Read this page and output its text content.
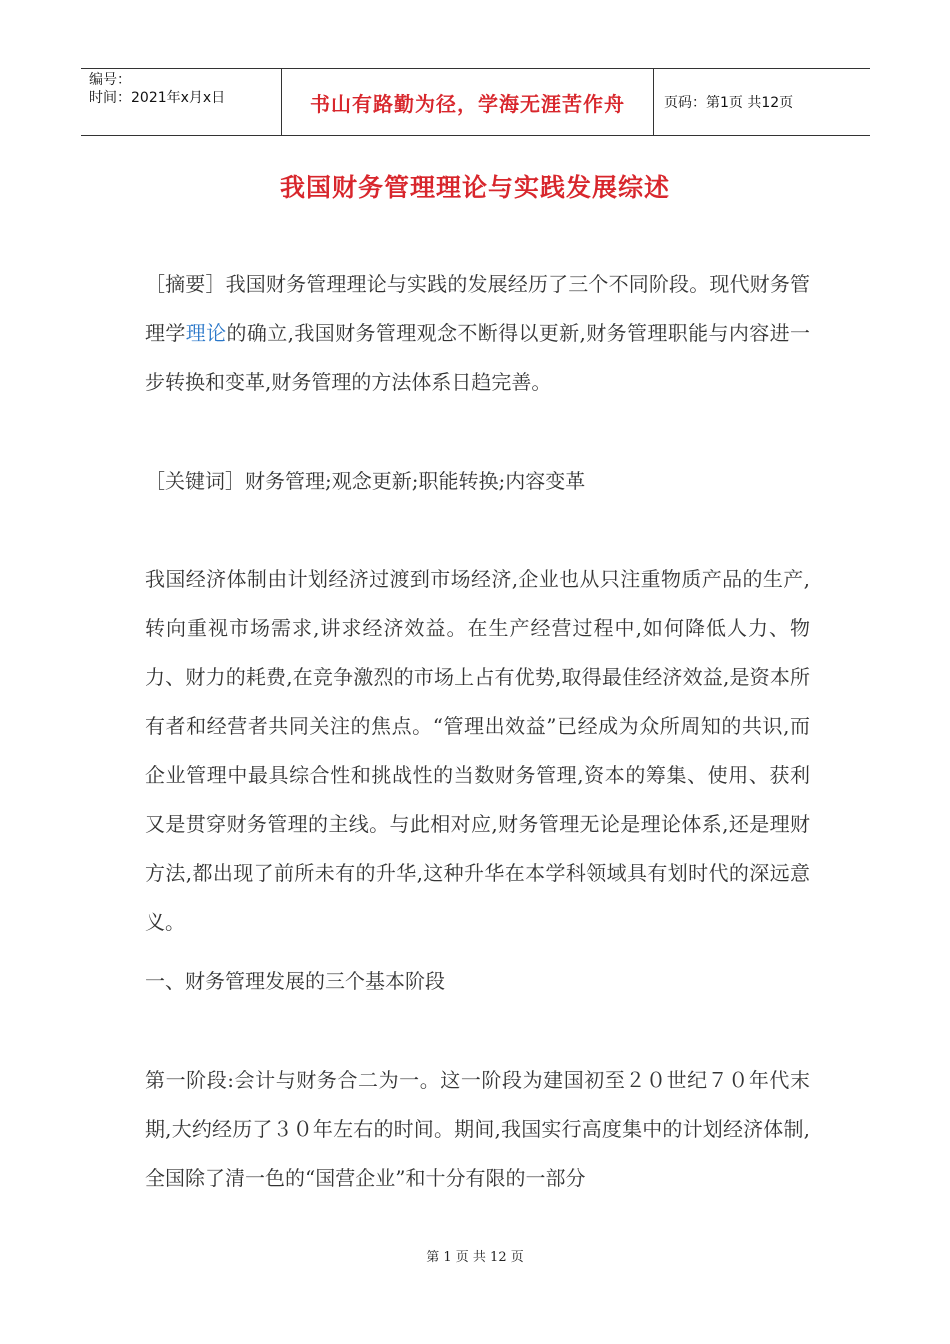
编号：
时间：2021年x月x日	书山有路勤为径，学海无涯苦作舟	页码：第1页 共12页
我国财务管理理论与实践发展综述
［摘要］我国财务管理理论与实践的发展经历了三个不同阶段。现代财务管理学理论的确立,我国财务管理观念不断得以更新,财务管理职能与内容进一步转换和变革,财务管理的方法体系日趋完善。
［关键词］财务管理;观念更新;职能转换;内容变革
我国经济体制由计划经济过渡到市场经济,企业也从只注重物质产品的生产,转向重视市场需求,讲求经济效益。在生产经营过程中,如何降低人力、物力、财力的耗费,在竞争激烈的市场上占有优势,取得最佳经济效益,是资本所有者和经营者共同关注的焦点。“管理出效益”已经成为众所周知的共识,而企业管理中最具综合性和挑战性的当数财务管理,资本的筹集、使用、获利又是贯穿财务管理的主线。与此相对应,财务管理无论是理论体系,还是理财方法,都出现了前所未有的升华,这种升华在本学科领域具有划时代的深远意义。
一、财务管理发展的三个基本阶段
第一阶段:会计与财务合二为一。这一阶段为建国初至２０世纪７０年代末期,大约经历了３０年左右的时间。期间,我国实行高度集中的计划经济体制,全国除了清一色的“国营企业”和十分有限的一部分
第 1 页 共 12 页
